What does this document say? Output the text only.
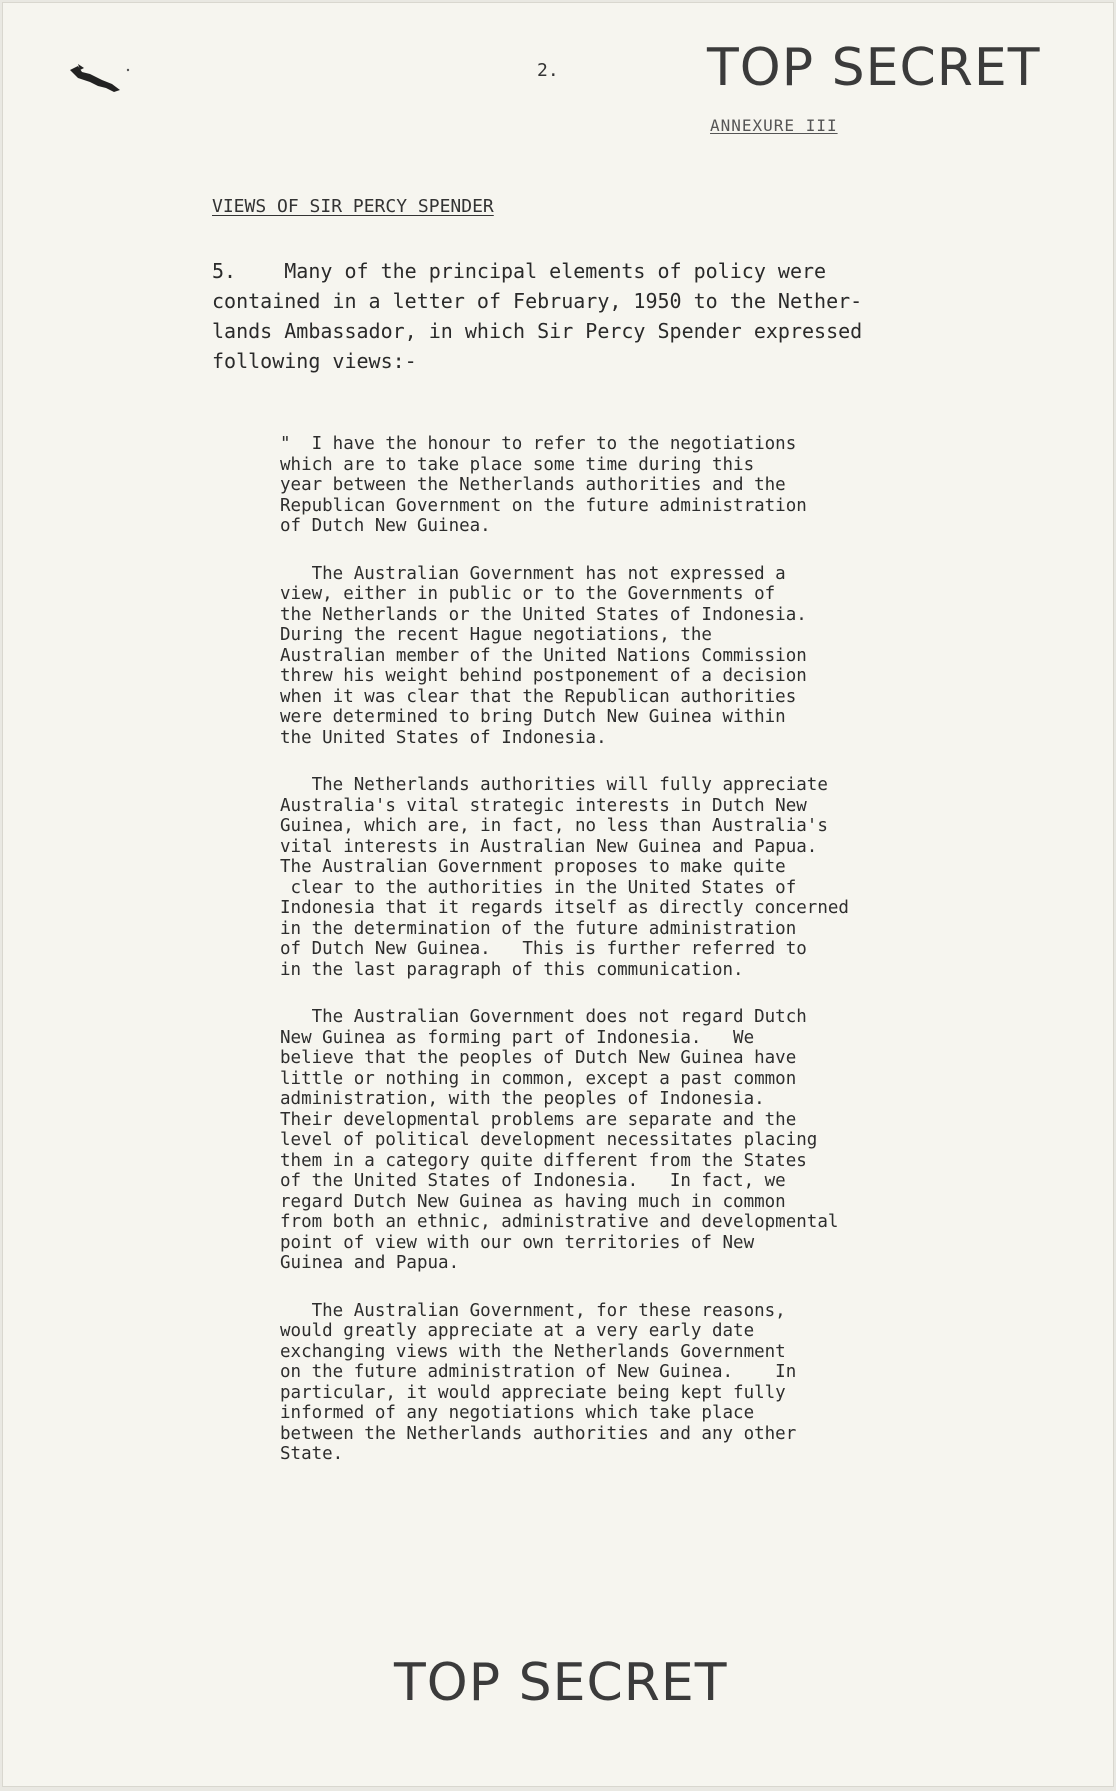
2.	TOP SECRET
ANNEXURE III
VIEWS OF SIR PERCY SPENDER

5.    Many of the principal elements of policy were

contained in a letter of February, 1950 to the Nether-

lands Ambassador, in which Sir Percy Spender expressed

following views:-

"  I have the honour to refer to the negotiations
which are to take place some time during this
year between the Netherlands authorities and the
Republican Government on the future administration
of Dutch New Guinea.

The Australian Government has not expressed a
view, either in public or to the Governments of
the Netherlands or the United States of Indonesia.
During the recent Hague negotiations, the
Australian member of the United Nations Commission
threw his weight behind postponement of a decision
when it was clear that the Republican authorities
were determined to bring Dutch New Guinea within
the United States of Indonesia.

The Netherlands authorities will fully appreciate
Australia's vital strategic interests in Dutch New
Guinea, which are, in fact, no less than Australia's
vital interests in Australian New Guinea and Papua.
The Australian Government proposes to make quite
clear to the authorities in the United States of
Indonesia that it regards itself as directly concerned
in the determination of the future administration
of Dutch New Guinea.   This is further referred to
in the last paragraph of this communication.

The Australian Government does not regard Dutch
New Guinea as forming part of Indonesia.   We
believe that the peoples of Dutch New Guinea have
little or nothing in common, except a past common
administration, with the peoples of Indonesia.
Their developmental problems are separate and the
level of political development necessitates placing
them in a category quite different from the States
of the United States of Indonesia.   In fact, we
regard Dutch New Guinea as having much in common
from both an ethnic, administrative and developmental
point of view with our own territories of New
Guinea and Papua.

The Australian Government, for these reasons,
would greatly appreciate at a very early date
exchanging views with the Netherlands Government
on the future administration of New Guinea.    In
particular, it would appreciate being kept fully
informed of any negotiations which take place
between the Netherlands authorities and any other
State.

TOP SECRET
